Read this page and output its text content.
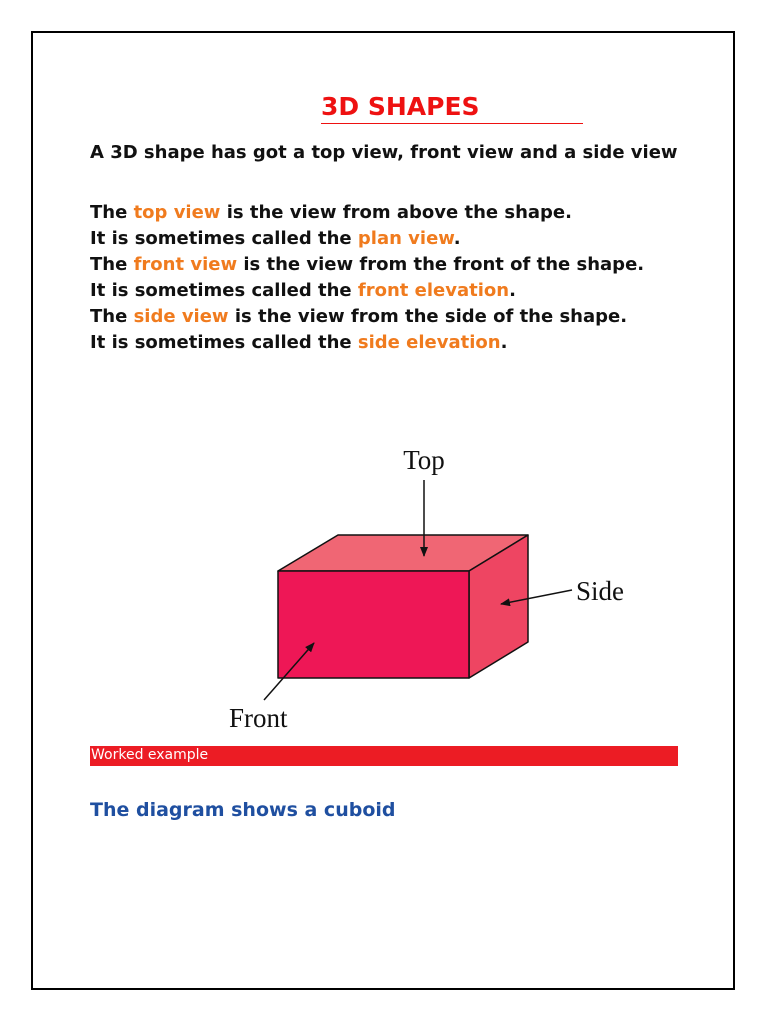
3D SHAPES

A 3D shape has got a top view, front view and a side view

The top view is the view from above the shape.
It is sometimes called the plan view.
The front view is the view from the front of the shape.
It is sometimes called the front elevation.
The side view is the view from the side of the shape.
It is sometimes called the side elevation.
Top
Side
Front
Worked example

The diagram shows a cuboid
